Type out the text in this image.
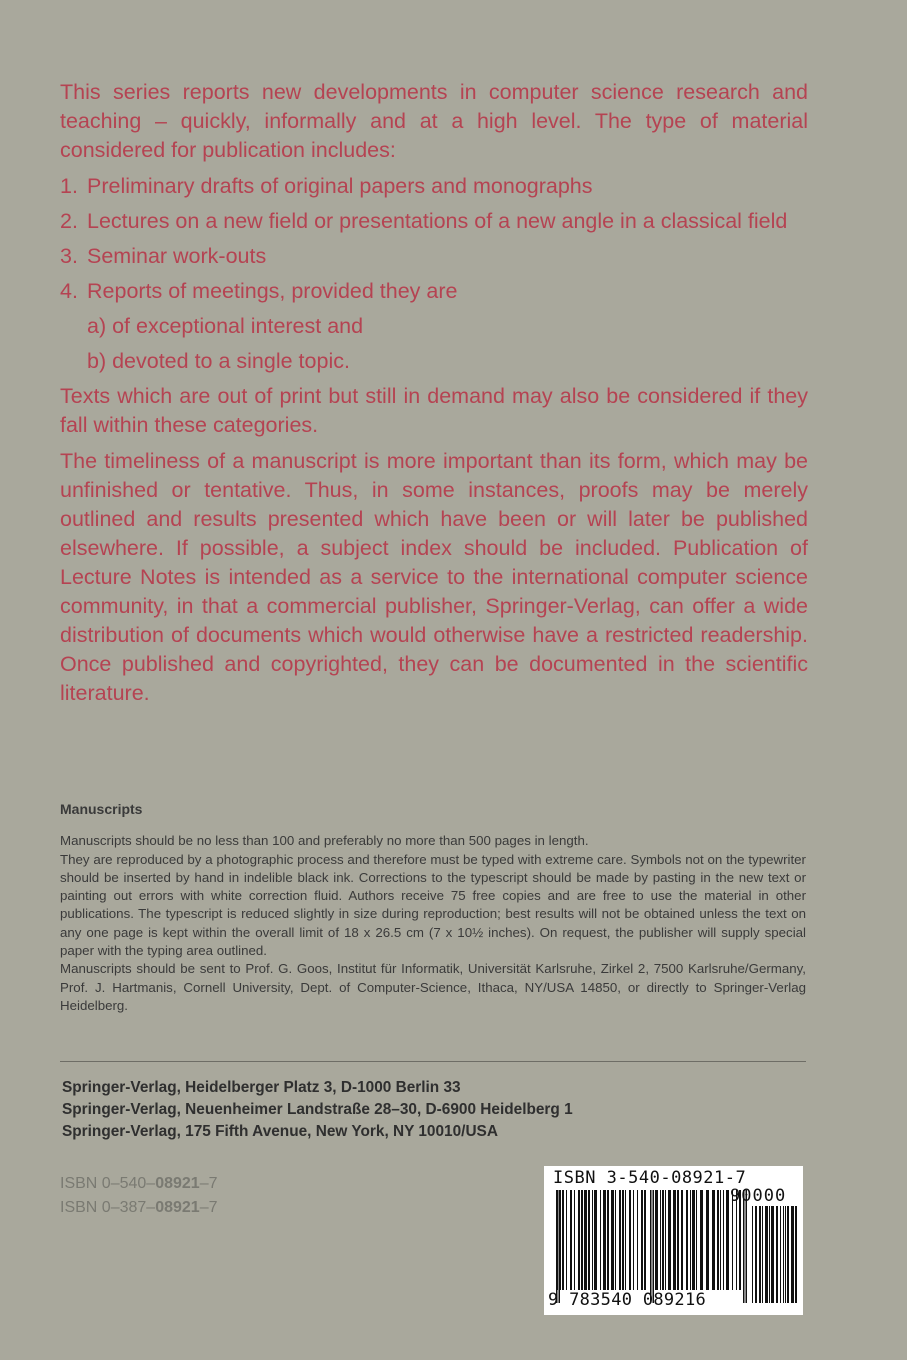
This series reports new developments in computer science research and teaching – quickly, informally and at a high level. The type of material considered for publication includes:

1. Preliminary drafts of original papers and monographs
2. Lectures on a new field or presentations of a new angle in a classical field
3. Seminar work-outs
4. Reports of meetings, provided they are
a) of exceptional interest and
b) devoted to a single topic.

Texts which are out of print but still in demand may also be considered if they fall within these categories.

The timeliness of a manuscript is more important than its form, which may be unfinished or tentative. Thus, in some instances, proofs may be merely outlined and results presented which have been or will later be published elsewhere. If possible, a subject index should be included. Publication of Lecture Notes is intended as a service to the international computer science community, in that a commercial publisher, Springer-Verlag, can offer a wide distribution of documents which would otherwise have a restricted readership. Once published and copyrighted, they can be documented in the scientific literature.

Manuscripts

Manuscripts should be no less than 100 and preferably no more than 500 pages in length.

They are reproduced by a photographic process and therefore must be typed with extreme care. Symbols not on the typewriter should be inserted by hand in indelible black ink. Corrections to the typescript should be made by pasting in the new text or painting out errors with white correction fluid. Authors receive 75 free copies and are free to use the material in other publications. The typescript is reduced slightly in size during reproduction; best results will not be obtained unless the text on any one page is kept within the overall limit of 18 x 26.5 cm (7 x 10½ inches). On request, the publisher will supply special paper with the typing area outlined.

Manuscripts should be sent to Prof. G. Goos, Institut für Informatik, Universität Karlsruhe, Zirkel 2, 7500 Karlsruhe/Germany, Prof. J. Hartmanis, Cornell University, Dept. of Computer-Science, Ithaca, NY/USA 14850, or directly to Springer-Verlag Heidelberg.

Springer-Verlag, Heidelberger Platz 3, D-1000 Berlin 33
Springer-Verlag, Neuenheimer Landstraße 28–30, D-6900 Heidelberg 1
Springer-Verlag, 175 Fifth Avenue, New York, NY 10010/USA
ISBN 0–540–08921–7
ISBN 0–387–08921–7
ISBN 3-540-08921-7
90000
9 783540 089216
